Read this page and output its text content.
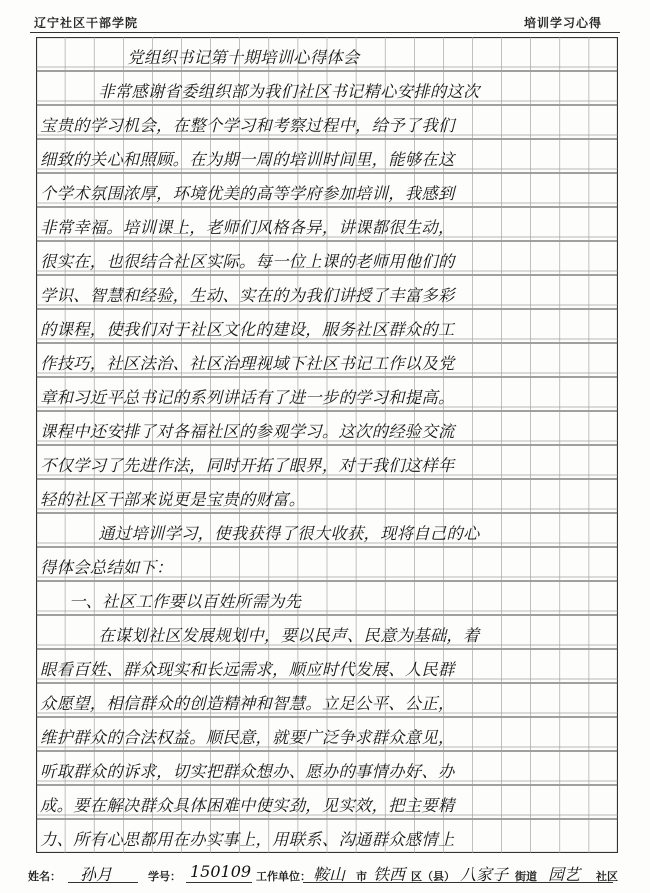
辽宁社区干部学院	培训学习心得
党组织书记第十期培训心得体会
非常感谢省委组织部为我们社区书记精心安排的这次
宝贵的学习机会，在整个学习和考察过程中，给予了我们
细致的关心和照顾。在为期一周的培训时间里，能够在这
个学术氛围浓厚，环境优美的高等学府参加培训，我感到
非常幸福。培训课上，老师们风格各异，讲课都很生动，
很实在，也很结合社区实际。每一位上课的老师用他们的
学识、智慧和经验，生动、实在的为我们讲授了丰富多彩
的课程，使我们对于社区文化的建设，服务社区群众的工
作技巧，社区法治、社区治理视域下社区书记工作以及党
章和习近平总书记的系列讲话有了进一步的学习和提高。
课程中还安排了对各福社区的参观学习。这次的经验交流
不仅学习了先进作法，同时开拓了眼界，对于我们这样年
轻的社区干部来说更是宝贵的财富。
通过培训学习，使我获得了很大收获，现将自己的心
得体会总结如下：
一、社区工作要以百姓所需为先
在谋划社区发展规划中，要以民声、民意为基础，着
眼看百姓、群众现实和长远需求，顺应时代发展、人民群
众愿望，相信群众的创造精神和智慧。立足公平、公正，
维护群众的合法权益。顺民意，就要广泛争求群众意见，
听取群众的诉求，切实把群众想办、愿办的事情办好、办
成。要在解决群众具体困难中使实劲，见实效，把主要精
力、所有心思都用在办实事上，用联系、沟通群众感情上
姓名： 孙月	学号： 150109 工作单位： 鞍山 市 铁西 区（县） 八家子 街道 园艺 社区
